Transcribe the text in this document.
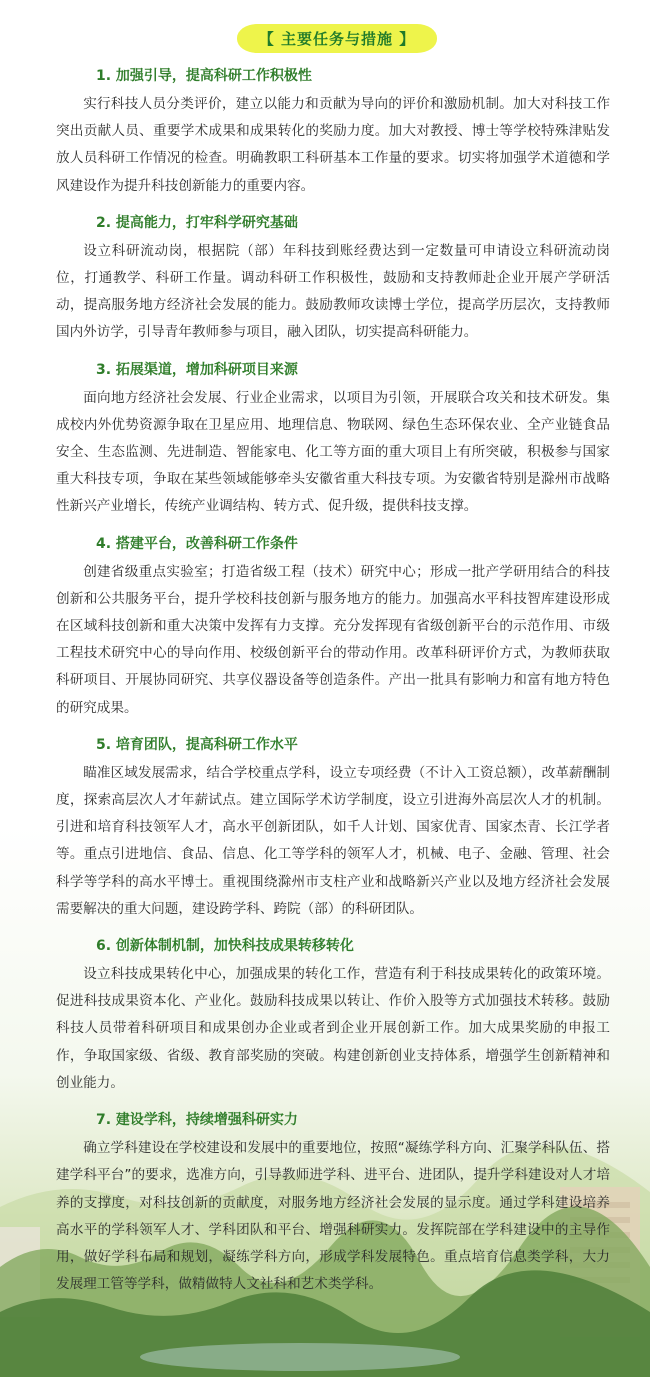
【 主要任务与措施 】
1. 加强引导，提高科研工作积极性

实行科技人员分类评价，建立以能力和贡献为导向的评价和激励机制。加大对科技工作突出贡献人员、重要学术成果和成果转化的奖励力度。加大对教授、博士等学校特殊津贴发放人员科研工作情况的检查。明确教职工科研基本工作量的要求。切实将加强学术道德和学风建设作为提升科技创新能力的重要内容。

2. 提高能力，打牢科学研究基础

设立科研流动岗，根据院（部）年科技到账经费达到一定数量可申请设立科研流动岗位，打通教学、科研工作量。调动科研工作积极性，鼓励和支持教师赴企业开展产学研活动，提高服务地方经济社会发展的能力。鼓励教师攻读博士学位，提高学历层次，支持教师国内外访学，引导青年教师参与项目，融入团队，切实提高科研能力。

3. 拓展渠道，增加科研项目来源

面向地方经济社会发展、行业企业需求，以项目为引领，开展联合攻关和技术研发。集成校内外优势资源争取在卫星应用、地理信息、物联网、绿色生态环保农业、全产业链食品安全、生态监测、先进制造、智能家电、化工等方面的重大项目上有所突破，积极参与国家重大科技专项，争取在某些领域能够牵头安徽省重大科技专项。为安徽省特别是滁州市战略性新兴产业增长，传统产业调结构、转方式、促升级，提供科技支撑。

4. 搭建平台，改善科研工作条件

创建省级重点实验室；打造省级工程（技术）研究中心；形成一批产学研用结合的科技创新和公共服务平台，提升学校科技创新与服务地方的能力。加强高水平科技智库建设形成在区域科技创新和重大决策中发挥有力支撑。充分发挥现有省级创新平台的示范作用、市级工程技术研究中心的导向作用、校级创新平台的带动作用。改革科研评价方式，为教师获取科研项目、开展协同研究、共享仪器设备等创造条件。产出一批具有影响力和富有地方特色的研究成果。

5. 培育团队，提高科研工作水平

瞄准区域发展需求，结合学校重点学科，设立专项经费（不计入工资总额），改革薪酬制度，探索高层次人才年薪试点。建立国际学术访学制度，设立引进海外高层次人才的机制。引进和培育科技领军人才，高水平创新团队，如千人计划、国家优青、国家杰青、长江学者等。重点引进地信、食品、信息、化工等学科的领军人才，机械、电子、金融、管理、社会科学等学科的高水平博士。重视围绕滁州市支柱产业和战略新兴产业以及地方经济社会发展需要解决的重大问题，建设跨学科、跨院（部）的科研团队。

6. 创新体制机制，加快科技成果转移转化

设立科技成果转化中心，加强成果的转化工作，营造有利于科技成果转化的政策环境。促进科技成果资本化、产业化。鼓励科技成果以转让、作价入股等方式加强技术转移。鼓励科技人员带着科研项目和成果创办企业或者到企业开展创新工作。加大成果奖励的申报工作，争取国家级、省级、教育部奖励的突破。构建创新创业支持体系，增强学生创新精神和创业能力。

7. 建设学科，持续增强科研实力

确立学科建设在学校建设和发展中的重要地位，按照“凝练学科方向、汇聚学科队伍、搭建学科平台”的要求，选准方向，引导教师进学科、进平台、进团队，提升学科建设对人才培养的支撑度，对科技创新的贡献度，对服务地方经济社会发展的显示度。通过学科建设培养高水平的学科领军人才、学科团队和平台、增强科研实力。发挥院部在学科建设中的主导作用，做好学科布局和规划，凝练学科方向，形成学科发展特色。重点培育信息类学科，大力发展理工管等学科，做精做特人文社科和艺术类学科。
